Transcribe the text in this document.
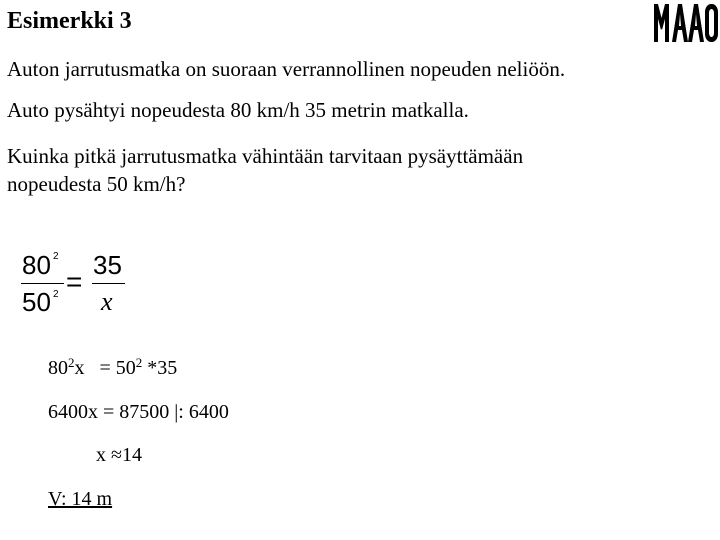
Esimerkki 3
Auton jarrutusmatka on suoraan verrannollinen nopeuden neliöön.
Auto pysähtyi nopeudesta 80 km/h 35 metrin matkalla.
Kuinka pitkä jarrutusmatka vähintään tarvitaan pysäyttämään
nopeudesta 50 km/h?
80 2
50 2 =
35
x
$80^2x = 50^2$ *35
6400x = 87500 |: 6400
x ≈14
V: 14 m
